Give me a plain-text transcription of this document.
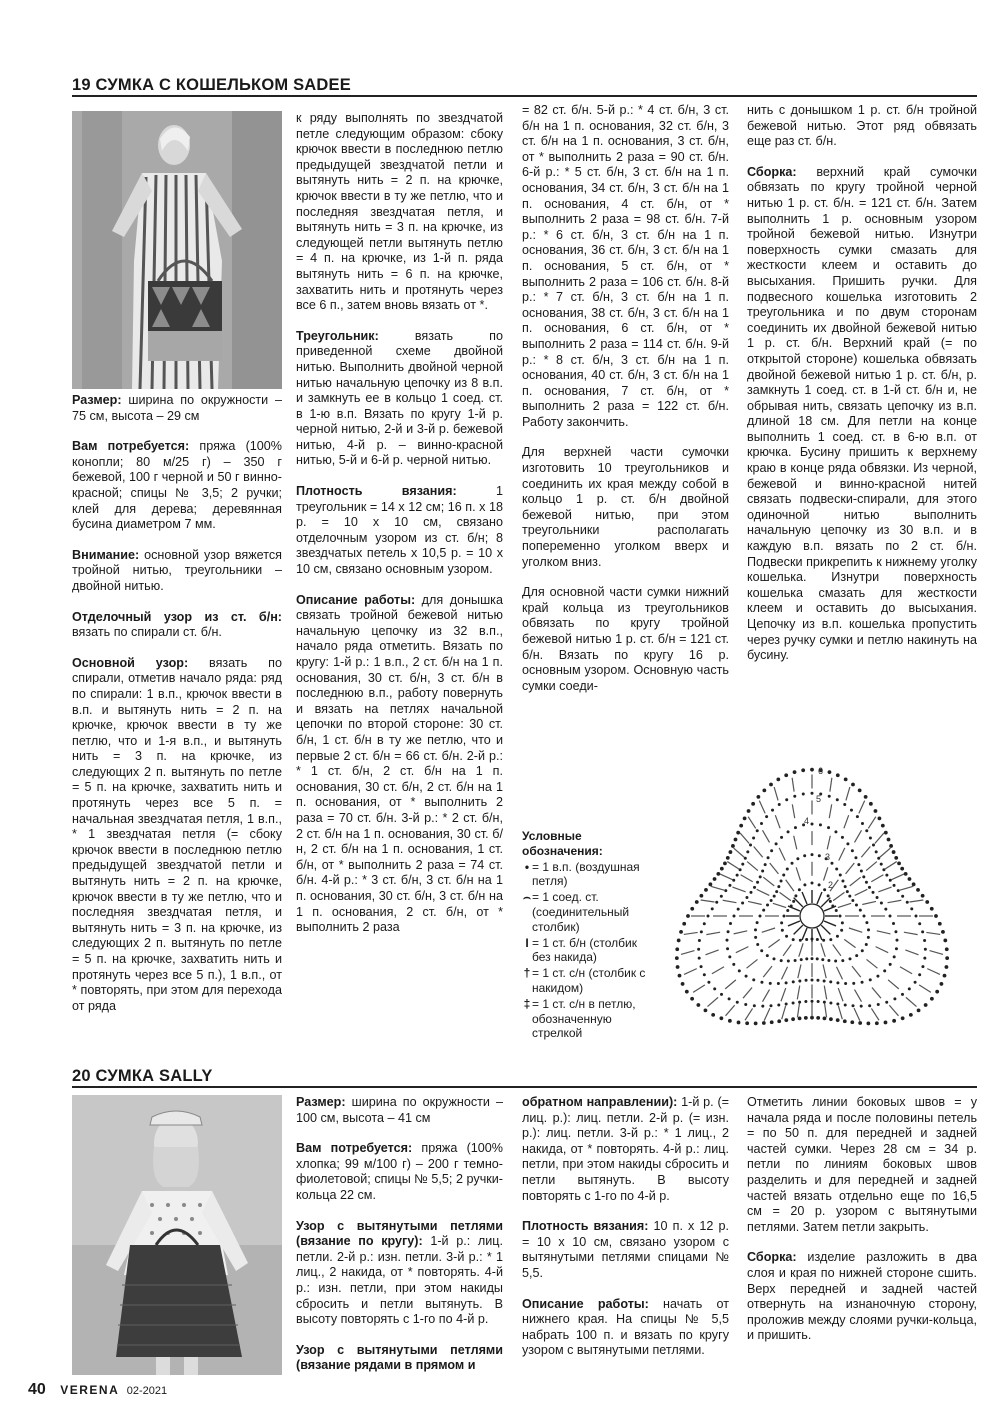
19 СУМКА С КОШЕЛЬКОМ SADEE

Размер: ширина по окружности – 75 см, высота – 29 см

Вам потребуется: пряжа (100% конопли; 80 м/25 г) – 350 г бежевой, 100 г черной и 50 г винно-красной; спицы № 3,5; 2 ручки; клей для дерева; деревянная бусина диаметром 7 мм.

Внимание: основной узор вяжется тройной нитью, треугольники – двойной нитью.

Отделочный узор из ст. б/н: вязать по спирали ст. б/н.

Основной узор: вязать по спирали, отметив начало ряда: ряд по спирали: 1 в.п., крючок ввести в в.п. и вытянуть нить = 2 п. на крючке, крючок ввести в ту же петлю, что и 1-я в.п., и вытянуть нить = 3 п. на крючке, из следующих 2 п. вытянуть по петле = 5 п. на крючке, захватить нить и протянуть через все 5 п. = начальная звездчатая петля, 1 в.п., * 1 звездчатая петля (= сбоку крючок ввести в последнюю петлю предыдущей звездчатой петли и вытянуть нить = 2 п. на крючке, крючок ввести в ту же петлю, что и последняя звездчатая петля, и вытянуть нить = 3 п. на крючке, из следующих 2 п. вытянуть по петле = 5 п. на крючке, захватить нить и протянуть через все 5 п.), 1 в.п., от * повторять, при этом для перехода от ряда

к ряду выполнять по звездчатой петле следующим образом: сбоку крючок ввести в последнюю петлю предыдущей звездчатой петли и вытянуть нить = 2 п. на крючке, крючок ввести в ту же петлю, что и последняя звездчатая петля, и вытянуть нить = 3 п. на крючке, из следующей петли вытянуть петлю = 4 п. на крючке, из 1-й п. ряда вытянуть нить = 6 п. на крючке, захватить нить и протянуть через все 6 п., затем вновь вязать от *.

Треугольник: вязать по приведенной схеме двойной нитью. Выполнить двойной черной нитью начальную цепочку из 8 в.п. и замкнуть ее в кольцо 1 соед. ст. в 1-ю в.п. Вязать по кругу 1-й р. черной нитью, 2-й и 3-й р. бежевой нитью, 4-й р. – винно-красной нитью, 5-й и 6-й р. черной нитью.

Плотность вязания: 1 треугольник = 14 х 12 см; 16 п. х 18 р. = 10 х 10 см, связано отделочным узором из ст. б/н; 8 звездчатых петель х 10,5 р. = 10 х 10 см, связано основным узором.

Описание работы: для донышка связать тройной бежевой нитью начальную цепочку из 32 в.п., начало ряда отметить. Вязать по кругу: 1-й р.: 1 в.п., 2 ст. б/н на 1 п. основания, 30 ст. б/н, 3 ст. б/н в последнюю в.п., работу повернуть и вязать на петлях начальной цепочки по второй стороне: 30 ст. б/н, 1 ст. б/н в ту же петлю, что и первые 2 ст. б/н = 66 ст. б/н. 2-й р.: * 1 ст. б/н, 2 ст. б/н на 1 п. основания, 30 ст. б/н, 2 ст. б/н на 1 п. основания, от * выполнить 2 раза = 70 ст. б/н. 3-й р.: * 2 ст. б/н, 2 ст. б/н на 1 п. основания, 30 ст. б/н, 2 ст. б/н на 1 п. основания, 1 ст. б/н, от * выполнить 2 раза = 74 ст. б/н. 4-й р.: * 3 ст. б/н, 3 ст. б/н на 1 п. основания, 30 ст. б/н, 3 ст. б/н на 1 п. основания, 2 ст. б/н, от * выполнить 2 раза

= 82 ст. б/н. 5-й р.: * 4 ст. б/н, 3 ст. б/н на 1 п. основания, 32 ст. б/н, 3 ст. б/н на 1 п. основания, 3 ст. б/н, от * выполнить 2 раза = 90 ст. б/н. 6-й р.: * 5 ст. б/н, 3 ст. б/н на 1 п. основания, 34 ст. б/н, 3 ст. б/н на 1 п. основания, 4 ст. б/н, от * выполнить 2 раза = 98 ст. б/н. 7-й р.: * 6 ст. б/н, 3 ст. б/н на 1 п. основания, 36 ст. б/н, 3 ст. б/н на 1 п. основания, 5 ст. б/н, от * выполнить 2 раза = 106 ст. б/н. 8-й р.: * 7 ст. б/н, 3 ст. б/н на 1 п. основания, 38 ст. б/н, 3 ст. б/н на 1 п. основания, 6 ст. б/н, от * выполнить 2 раза = 114 ст. б/н. 9-й р.: * 8 ст. б/н, 3 ст. б/н на 1 п. основания, 40 ст. б/н, 3 ст. б/н на 1 п. основания, 7 ст. б/н, от * выполнить 2 раза = 122 ст. б/н. Работу закончить.

Для верхней части сумочки изготовить 10 треугольников и соединить их края между собой в кольцо 1 р. ст. б/н двойной бежевой нитью, при этом треугольники располагать попеременно уголком вверх и уголком вниз.

Для основной части сумки нижний край кольца из треугольников обвязать по кругу тройной бежевой нитью 1 р. ст. б/н = 121 ст. б/н. Вязать по кругу 16 р. основным узором. Основную часть сумки соеди-

нить с донышком 1 р. ст. б/н тройной бежевой нитью. Этот ряд обвязать еще раз ст. б/н.

Сборка: верхний край сумочки обвязать по кругу тройной черной нитью 1 р. ст. б/н. = 121 ст. б/н. Затем выполнить 1 р. основным узором тройной бежевой нитью. Изнутри поверхность сумки смазать для жесткости клеем и оставить до высыхания. Пришить ручки. Для подвесного кошелька изготовить 2 треугольника и по двум сторонам соединить их двойной бежевой нитью 1 р. ст. б/н. Верхний край (= по открытой стороне) кошелька обвязать двойной бежевой нитью 1 р. ст. б/н, р. замкнуть 1 соед. ст. в 1-й ст. б/н и, не обрывая нить, связать цепочку из в.п. длиной 18 см. Для петли на конце выполнить 1 соед. ст. в 6-ю в.п. от крючка. Бусину пришить к верхнему краю в конце ряда обвязки. Из черной, бежевой и винно-красной нитей связать подвески-спирали, для этого одиночной нитью выполнить начальную цепочку из 30 в.п. и в каждую в.п. вязать по 2 ст. б/н. Подвески прикрепить к нижнему уголку кошелька. Изнутри поверхность кошелька смазать для жесткости клеем и оставить до высыхания. Цепочку из в.п. кошелька пропустить через ручку сумки и петлю накинуть на бусину.

Условные обозначения:
• = 1 в.п. (воздушная петля)
⌢ = 1 соед. ст. (соединительный столбик)
I = 1 ст. б/н (столбик без накида)
† = 1 ст. с/н (столбик с накидом)
‡ = 1 ст. с/н в петлю, обозначенную стрелкой
6
5
4
3
2
20 СУМКА SALLY

Размер: ширина по окружности – 100 см, высота – 41 см

Вам потребуется: пряжа (100% хлопка; 99 м/100 г) – 200 г темно-фиолетовой; спицы № 5,5; 2 ручки-кольца 22 см.

Узор с вытянутыми петлями (вязание по кругу): 1-й р.: лиц. петли. 2-й р.: изн. петли. 3-й р.: * 1 лиц., 2 накида, от * повторять. 4-й р.: изн. петли, при этом накиды сбросить и петли вытянуть. В высоту повторять с 1-го по 4-й р.

Узор с вытянутыми петлями (вязание рядами в прямом и

обратном направлении): 1-й р. (= лиц. р.): лиц. петли. 2-й р. (= изн. р.): лиц. петли. 3-й р.: * 1 лиц., 2 накида, от * повторять. 4-й р.: лиц. петли, при этом накиды сбросить и петли вытянуть. В высоту повторять с 1-го по 4-й р.

Плотность вязания: 10 п. х 12 р. = 10 х 10 см, связано узором с вытянутыми петлями спицами № 5,5.

Описание работы: начать от нижнего края. На спицы № 5,5 набрать 100 п. и вязать по кругу узором с вытянутыми петлями.

Отметить линии боковых швов = у начала ряда и после половины петель = по 50 п. для передней и задней частей сумки. Через 28 см = 34 р. петли по линиям боковых швов разделить и для передней и задней частей вязать отдельно еще по 16,5 см = 20 р. узором с вытянутыми петлями. Затем петли закрыть.

Сборка: изделие разложить в два слоя и края по нижней стороне сшить. Верх передней и задней частей отвернуть на изнаночную сторону, проложив между слоями ручки-кольца, и пришить.

40 VERENA 02-2021
